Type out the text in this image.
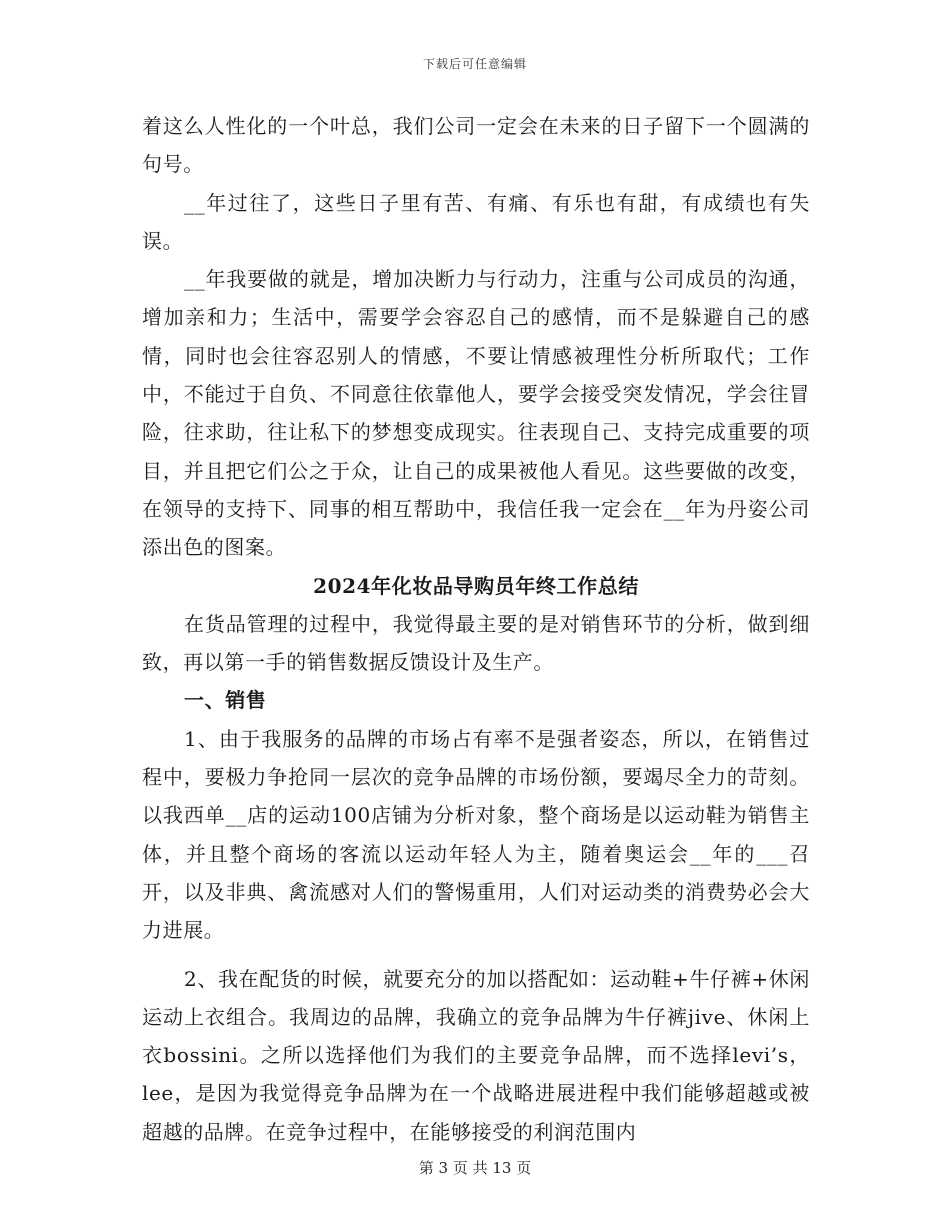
下载后可任意编辑

着这么人性化的一个叶总，我们公司一定会在未来的日子留下一个圆满的句号。

__年过往了，这些日子里有苦、有痛、有乐也有甜，有成绩也有失误。

__年我要做的就是，增加决断力与行动力，注重与公司成员的沟通，增加亲和力；生活中，需要学会容忍自己的感情，而不是躲避自己的感情，同时也会往容忍别人的情感，不要让情感被理性分析所取代；工作中，不能过于自负、不同意往依靠他人，要学会接受突发情况，学会往冒险，往求助，往让私下的梦想变成现实。往表现自己、支持完成重要的项目，并且把它们公之于众，让自己的成果被他人看见。这些要做的改变，在领导的支持下、同事的相互帮助中，我信任我一定会在__年为丹姿公司添出色的图案。

2024年化妆品导购员年终工作总结

在货品管理的过程中，我觉得最主要的是对销售环节的分析，做到细致，再以第一手的销售数据反馈设计及生产。

一、销售

1、由于我服务的品牌的市场占有率不是强者姿态，所以，在销售过程中，要极力争抢同一层次的竞争品牌的市场份额，要竭尽全力的苛刻。以我西单__店的运动100店铺为分析对象，整个商场是以运动鞋为销售主体，并且整个商场的客流以运动年轻人为主，随着奥运会__年的___召开，以及非典、禽流感对人们的警惕重用，人们对运动类的消费势必会大力进展。

2、我在配货的时候，就要充分的加以搭配如：运动鞋+牛仔裤+休闲运动上衣组合。我周边的品牌，我确立的竞争品牌为牛仔裤jive、休闲上衣bossini。之所以选择他们为我们的主要竞争品牌，而不选择levi’s，lee，是因为我觉得竞争品牌为在一个战略进展进程中我们能够超越或被超越的品牌。在竞争过程中，在能够接受的利润范围内

第 3 页 共 13 页
